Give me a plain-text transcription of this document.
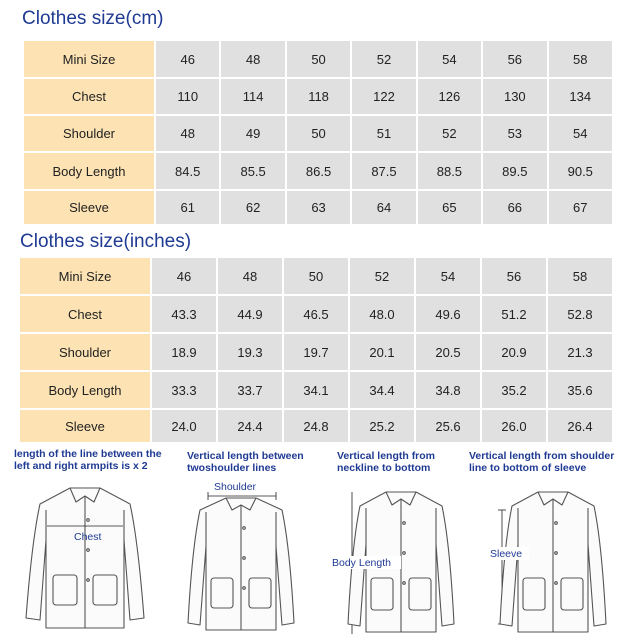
Clothes size(cm)
Mini Size	46	48	50	52	54	56	58
Chest	110	114	118	122	126	130	134
Shoulder	48	49	50	51	52	53	54
Body Length	84.5	85.5	86.5	87.5	88.5	89.5	90.5
Sleeve	61	62	63	64	65	66	67
Clothes size(inches)
Mini Size	46	48	50	52	54	56	58
Chest	43.3	44.9	46.5	48.0	49.6	51.2	52.8
Shoulder	18.9	19.3	19.7	20.1	20.5	20.9	21.3
Body Length	33.3	33.7	34.1	34.4	34.8	35.2	35.6
Sleeve	24.0	24.4	24.8	25.2	25.6	26.0	26.4
length of the line between the
left and right armpits is x 2
Vertical length between
twoshoulder lines
Vertical length from
neckline to bottom
Vertical length from shoulder
line to bottom of sleeve
Chest
Shoulder
Body Length
Sleeve
